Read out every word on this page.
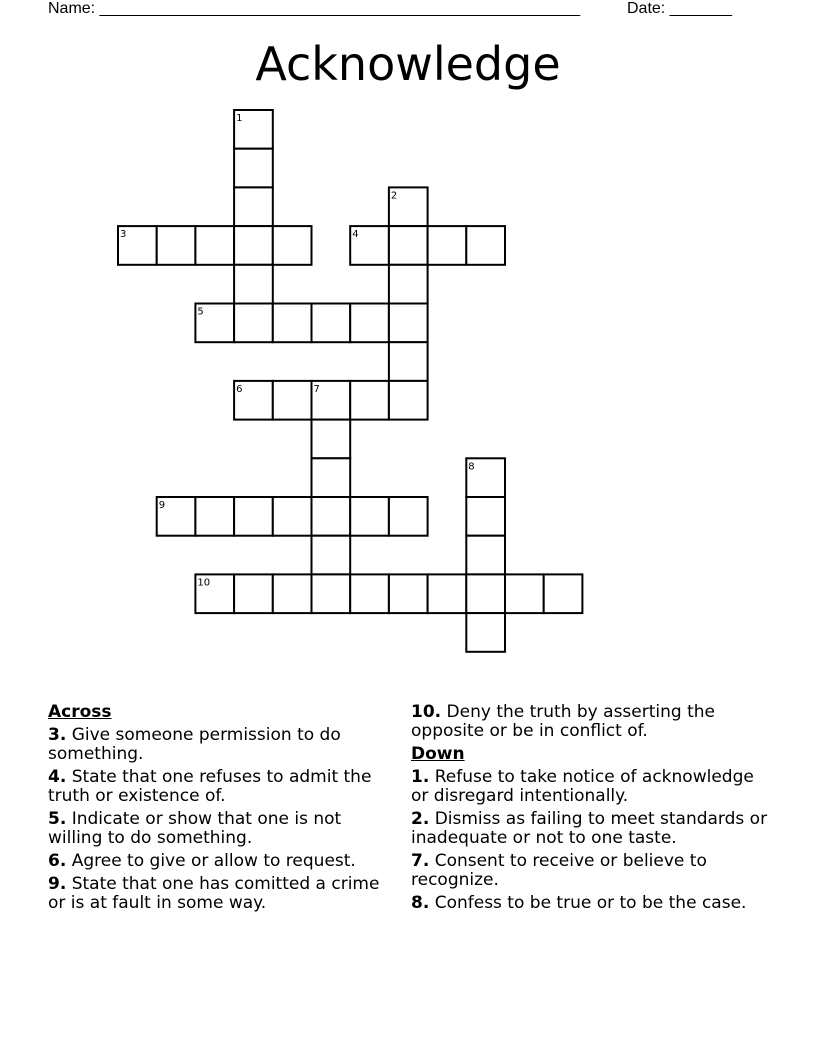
Name: ______________________________________________________	Date: _______
Acknowledge
1
2
3	4
5
6	7
8
9
10
Across
3. Give someone permission to do something.
4. State that one refuses to admit the truth or existence of.
5. Indicate or show that one is not willing to do something.
6. Agree to give or allow to request.
9. State that one has comitted a crime or is at fault in some way.
10. Deny the truth by asserting the opposite or be in conflict of.
Down
1. Refuse to take notice of acknowledge or disregard intentionally.
2. Dismiss as failing to meet standards or inadequate or not to one taste.
7. Consent to receive or believe to recognize.
8. Confess to be true or to be the case.
